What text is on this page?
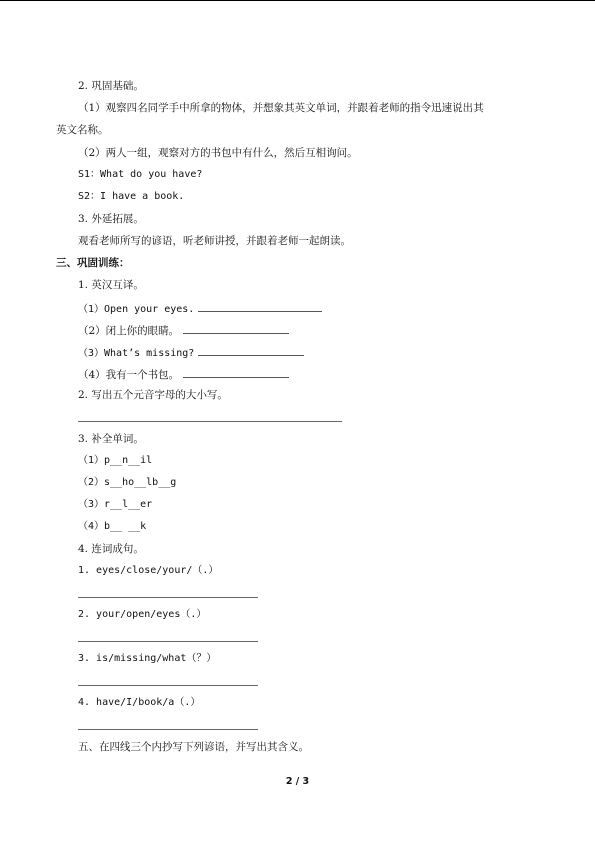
2. 巩固基础。
（1）观察四名同学手中所拿的物体，并想象其英文单词，并跟着老师的指令迅速说出其
英文名称。
（2）两人一组，观察对方的书包中有什么，然后互相询问。
S1：What do you have?
S2：I have a book.
3. 外延拓展。
观看老师所写的谚语，听老师讲授，并跟着老师一起朗读。
三、巩固训练：
1. 英汉互译。
（1）Open your eyes.
（2）闭上你的眼睛。
（3）What’s missing?
（4）我有一个书包。
2. 写出五个元音字母的大小写。
3. 补全单词。
（1）p__n__il
（2）s__ho__lb__g
（3）r__l__er
（4）b__ __k
4. 连词成句。
1. eyes/close/your/（.）
2. your/open/eyes（.）
3. is/missing/what（？）
4. have/I/book/a（.）
五、在四线三个内抄写下列谚语，并写出其含义。
2 / 3
